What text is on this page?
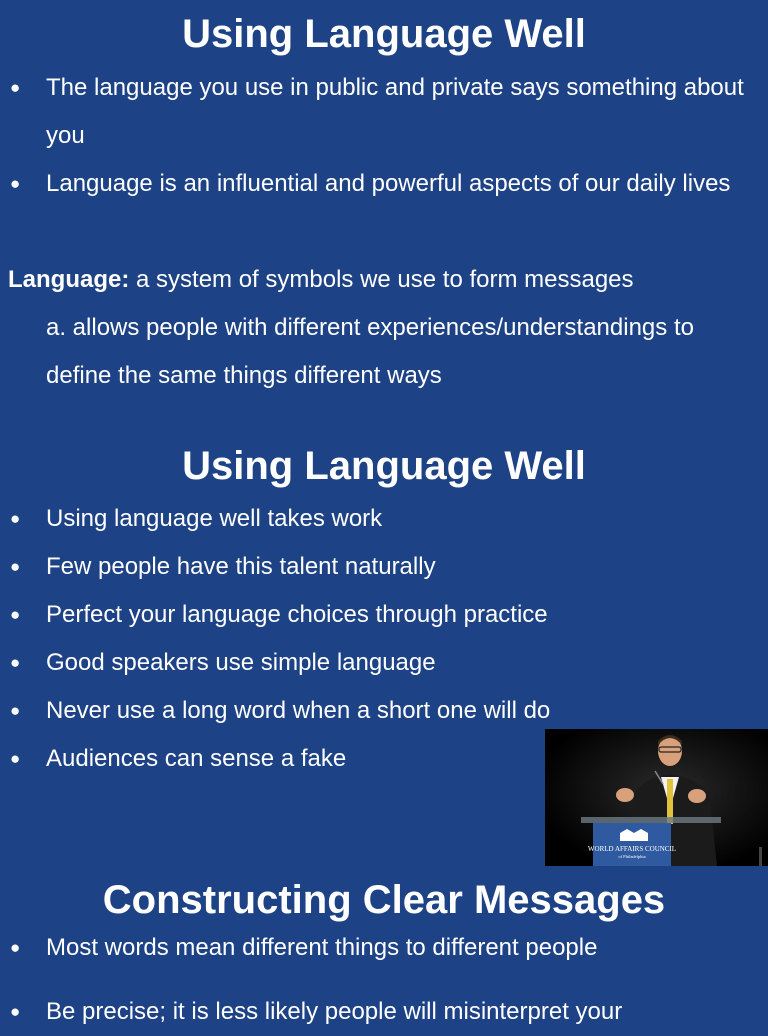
Using Language Well
● The language you use in public and private says something about you
● Language is an influential and powerful aspects of our daily lives

Language: a system of symbols we use to form messages

a. allows people with different experiences/understandings to define the same things different ways

Using Language Well
● Using language well takes work
● Few people have this talent naturally
● Perfect your language choices through practice
● Good speakers use simple language
● Never use a long word when a short one will do
● Audiences can sense a fake
WORLD AFFAIRS COUNCIL
of Philadelphia
Constructing Clear Messages
● Most words mean different things to different people
● Be precise; it is less likely people will misinterpret your
